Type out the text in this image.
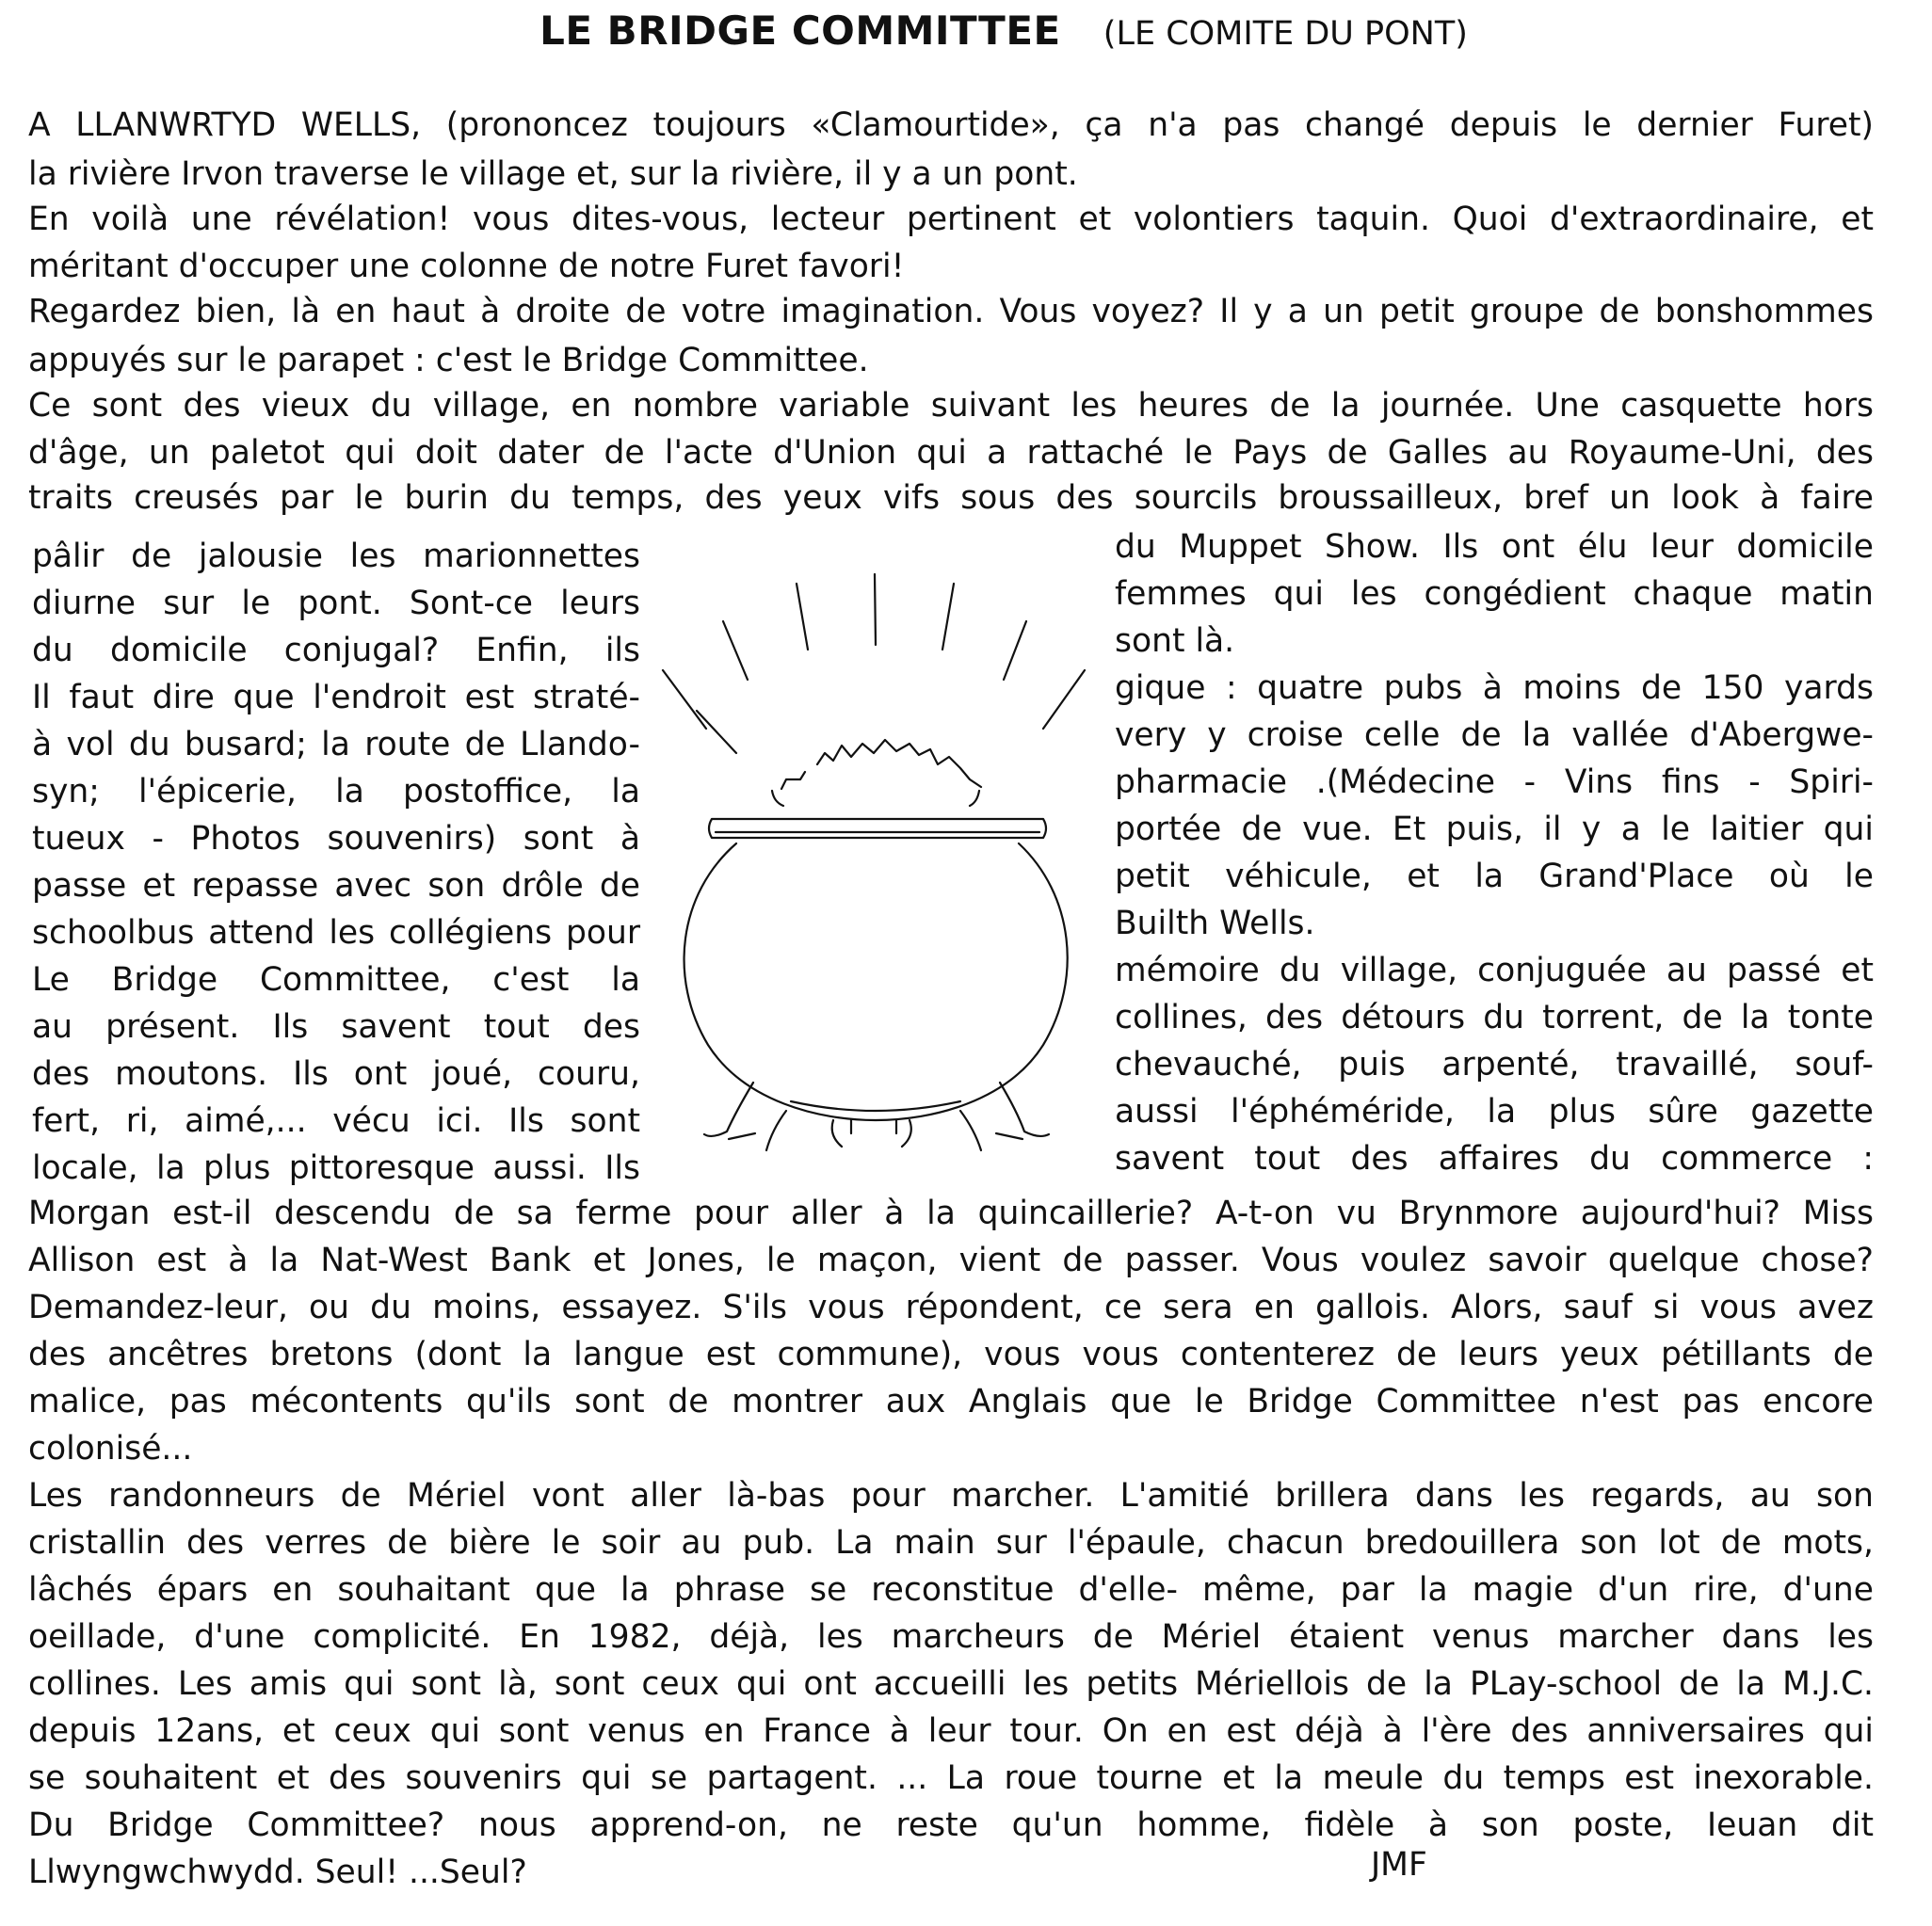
LE BRIDGE COMMITTEE (LE COMITE DU PONT)
A LLANWRTYD WELLS, (prononcez toujours «Clamourtide», ça n'a pas changé depuis le dernier Furet)
la rivière Irvon traverse le village et, sur la rivière, il y a un pont.
En voilà une révélation! vous dites-vous, lecteur pertinent et volontiers taquin. Quoi d'extraordinaire, et
méritant d'occuper une colonne de notre Furet favori!
Regardez bien, là en haut à droite de votre imagination. Vous voyez? Il y a un petit groupe de bonshommes
appuyés sur le parapet : c'est le Bridge Committee.
Ce sont des vieux du village, en nombre variable suivant les heures de la journée. Une casquette hors
d'âge, un paletot qui doit dater de l'acte d'Union qui a rattaché le Pays de Galles au Royaume-Uni, des
traits creusés par le burin du temps, des yeux vifs sous des sourcils broussailleux, bref un look à faire
pâlir de jalousie les marionnettes
diurne sur le pont. Sont-ce leurs
du domicile conjugal? Enfin, ils
Il faut dire que l'endroit est straté-
à vol du busard; la route de Llando-
syn; l'épicerie, la postoffice, la
tueux - Photos souvenirs) sont à
passe et repasse avec son drôle de
schoolbus attend les collégiens pour
Le Bridge Committee, c'est la
au présent. Ils savent tout des
des moutons. Ils ont joué, couru,
fert, ri, aimé,... vécu ici. Ils sont
locale, la plus pittoresque aussi. Ils
du Muppet Show. Ils ont élu leur domicile
femmes qui les congédient chaque matin
sont là.
gique : quatre pubs à moins de 150 yards
very y croise celle de la vallée d'Abergwe-
pharmacie .(Médecine - Vins fins - Spiri-
portée de vue. Et puis, il y a le laitier qui
petit véhicule, et la Grand'Place où le
Builth Wells.
mémoire du village, conjuguée au passé et
collines, des détours du torrent, de la tonte
chevauché, puis arpenté, travaillé, souf-
aussi l'éphéméride, la plus sûre gazette
savent tout des affaires du commerce :
Morgan est-il descendu de sa ferme pour aller à la quincaillerie? A-t-on vu Brynmore aujourd'hui? Miss
Allison est à la Nat-West Bank et Jones, le maçon, vient de passer. Vous voulez savoir quelque chose?
Demandez-leur, ou du moins, essayez. S'ils vous répondent, ce sera en gallois. Alors, sauf si vous avez
des ancêtres bretons (dont la langue est commune), vous vous contenterez de leurs yeux pétillants de
malice, pas mécontents qu'ils sont de montrer aux Anglais que le Bridge Committee n'est pas encore
colonisé...
Les randonneurs de Mériel vont aller là-bas pour marcher. L'amitié brillera dans les regards, au son
cristallin des verres de bière le soir au pub. La main sur l'épaule, chacun bredouillera son lot de mots,
lâchés épars en souhaitant que la phrase se reconstitue d'elle- même, par la magie d'un rire, d'une
oeillade, d'une complicité. En 1982, déjà, les marcheurs de Mériel étaient venus marcher dans les
collines. Les amis qui sont là, sont ceux qui ont accueilli les petits Mériellois de la PLay-school de la M.J.C.
depuis 12ans, et ceux qui sont venus en France à leur tour. On en est déjà à l'ère des anniversaires qui
se souhaitent et des souvenirs qui se partagent. ... La roue tourne et la meule du temps est inexorable.
Du Bridge Committee? nous apprend-on, ne reste qu'un homme, fidèle à son poste, Ieuan dit
Llwyngwchwydd. Seul! ...Seul?	JMF
